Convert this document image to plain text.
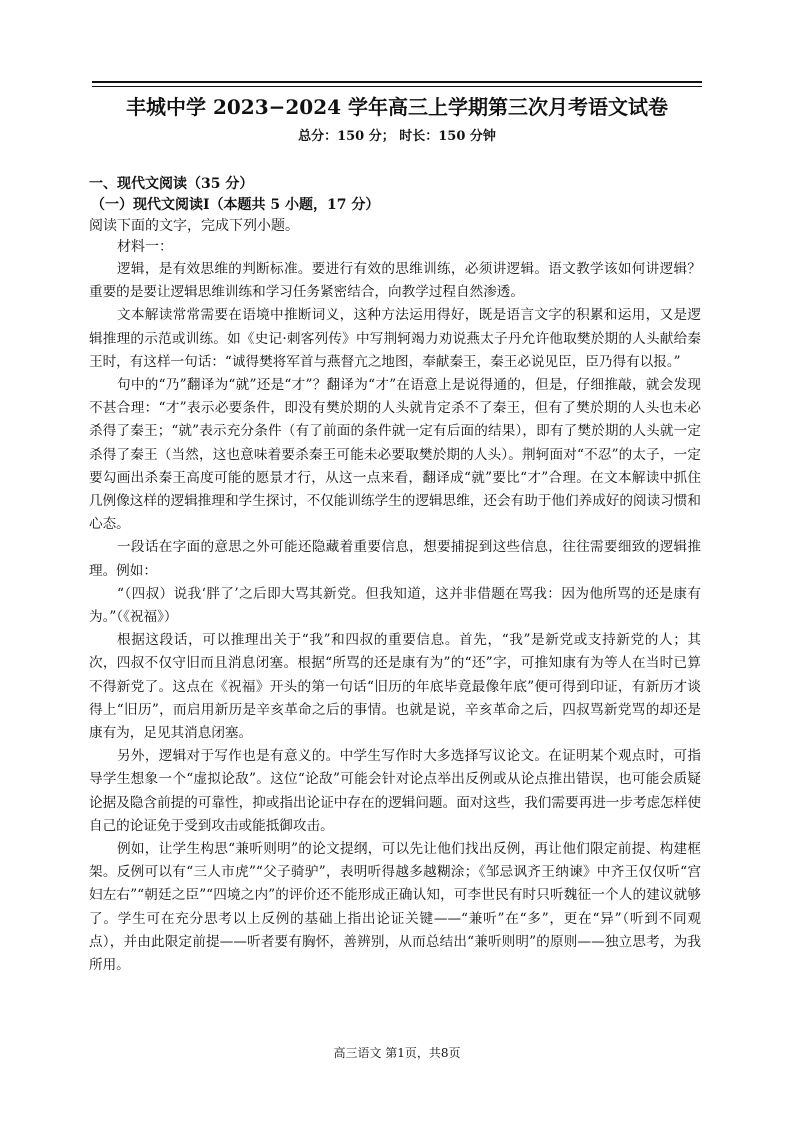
丰城中学 2023−2024 学年高三上学期第三次月考语文试卷
总分：150 分； 时长：150 分钟

一、现代文阅读（35 分）

（一）现代文阅读Ⅰ（本题共 5 小题，17 分）

阅读下面的文字，完成下列小题。

材料一：

逻辑，是有效思维的判断标准。要进行有效的思维训练，必须讲逻辑。语文教学该如何讲逻辑？重要的是要让逻辑思维训练和学习任务紧密结合，向教学过程自然渗透。

文本解读常常需要在语境中推断词义，这种方法运用得好，既是语言文字的积累和运用，又是逻辑推理的示范或训练。如《史记·刺客列传》中写荆轲竭力劝说燕太子丹允许他取樊於期的人头献给秦王时，有这样一句话：“诚得樊将军首与燕督亢之地图，奉献秦王，秦王必说见臣，臣乃得有以报。”

句中的“乃”翻译为“就”还是“才”？翻译为“才”在语意上是说得通的，但是，仔细推敲，就会发现不甚合理：“才”表示必要条件，即没有樊於期的人头就肯定杀不了秦王，但有了樊於期的人头也未必杀得了秦王；“就”表示充分条件（有了前面的条件就一定有后面的结果），即有了樊於期的人头就一定杀得了秦王（当然，这也意味着要杀秦王可能未必要取樊於期的人头）。荆轲面对“不忍”的太子，一定要勾画出杀秦王高度可能的愿景才行，从这一点来看，翻译成“就”要比“才”合理。在文本解读中抓住几例像这样的逻辑推理和学生探讨，不仅能训练学生的逻辑思维，还会有助于他们养成好的阅读习惯和心态。

一段话在字面的意思之外可能还隐藏着重要信息，想要捕捉到这些信息，往往需要细致的逻辑推理。例如：

“（四叔）说我‘胖了’之后即大骂其新党。但我知道，这并非借题在骂我：因为他所骂的还是康有为。”（《祝福》）

根据这段话，可以推理出关于“我”和四叔的重要信息。首先，“我”是新党或支持新党的人；其次，四叔不仅守旧而且消息闭塞。根据“所骂的还是康有为”的“还”字，可推知康有为等人在当时已算不得新党了。这点在《祝福》开头的第一句话“旧历的年底毕竟最像年底”便可得到印证，有新历才谈得上“旧历”，而启用新历是辛亥革命之后的事情。也就是说，辛亥革命之后，四叔骂新党骂的却还是康有为，足见其消息闭塞。

另外，逻辑对于写作也是有意义的。中学生写作时大多选择写议论文。在证明某个观点时，可指导学生想象一个“虚拟论敌”。这位“论敌”可能会针对论点举出反例或从论点推出错误，也可能会质疑论据及隐含前提的可靠性，抑或指出论证中存在的逻辑问题。面对这些，我们需要再进一步考虑怎样使自己的论证免于受到攻击或能抵御攻击。

例如，让学生构思“兼听则明”的论文提纲，可以先让他们找出反例，再让他们限定前提、构建框架。反例可以有“三人市虎”“父子骑驴”，表明听得越多越糊涂；《邹忌讽齐王纳谏》中齐王仅仅听“宫妇左右”“朝廷之臣”“四境之内”的评价还不能形成正确认知，可李世民有时只听魏征一个人的建议就够了。学生可在充分思考以上反例的基础上指出论证关键——“兼听”在“多”，更在“异”（听到不同观点），并由此限定前提——听者要有胸怀，善辨别，从而总结出“兼听则明”的原则——独立思考，为我所用。

高三语文 第1页，共8页
